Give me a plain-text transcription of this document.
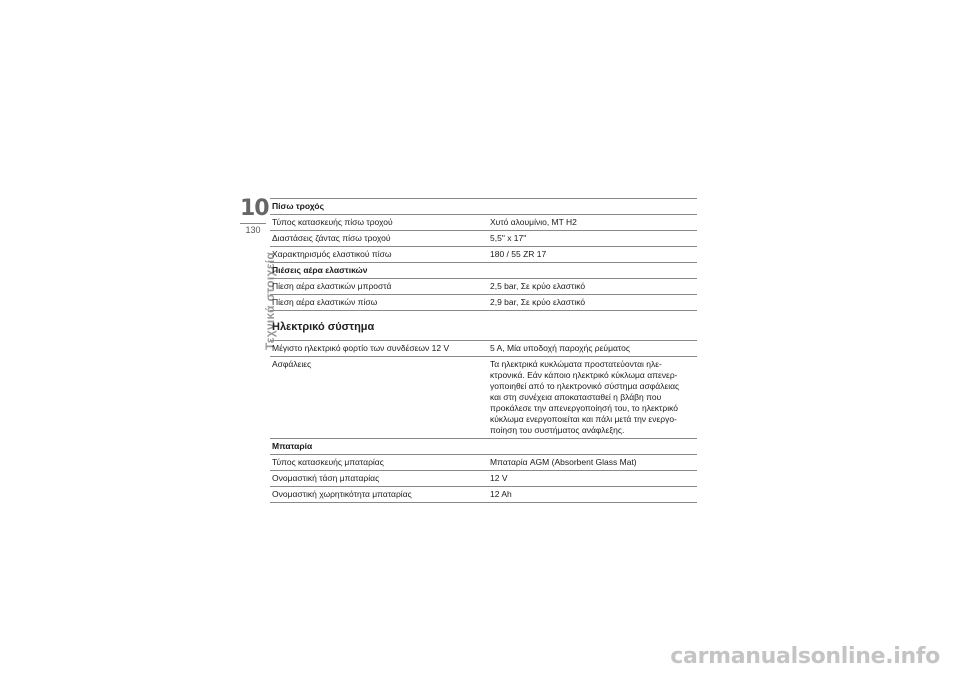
10
130
Τεχνικά στοιχεία
Πίσω τροχός
Τύπος κατασκευής πίσω τροχού	Χυτό αλουμίνιο, MT H2
Διαστάσεις ζάντας πίσω τροχού	5,5" x 17"
Χαρακτηρισμός ελαστικού πίσω	180 / 55 ZR 17
Πιέσεις αέρα ελαστικών
Πίεση αέρα ελαστικών μπροστά	2,5 bar, Σε κρύο ελαστικό
Πίεση αέρα ελαστικών πίσω	2,9 bar, Σε κρύο ελαστικό
Ηλεκτρικό σύστημα
Μέγιστο ηλεκτρικό φορτίο των συνδέσεων 12 V	5 A, Μία υποδοχή παροχής ρεύματος
Ασφάλειες	Τα ηλεκτρικά κυκλώματα προστατεύονται ηλε-
κτρονικά. Εάν κάποιο ηλεκτρικό κύκλωμα απενερ-
γοποιηθεί από το ηλεκτρονικό σύστημα ασφάλειας
και στη συνέχεια αποκατασταθεί η βλάβη που
προκάλεσε την απενεργοποίησή του, το ηλεκτρικό
κύκλωμα ενεργοποιείται και πάλι μετά την ενεργο-
ποίηση του συστήματος ανάφλεξης.
Μπαταρία
Τύπος κατασκευής μπαταρίας	Μπαταρία AGM (Absorbent Glass Mat)
Ονομαστική τάση μπαταρίας	12 V
Ονομαστική χωρητικότητα μπαταρίας	12 Ah
carmanualsonline.info
